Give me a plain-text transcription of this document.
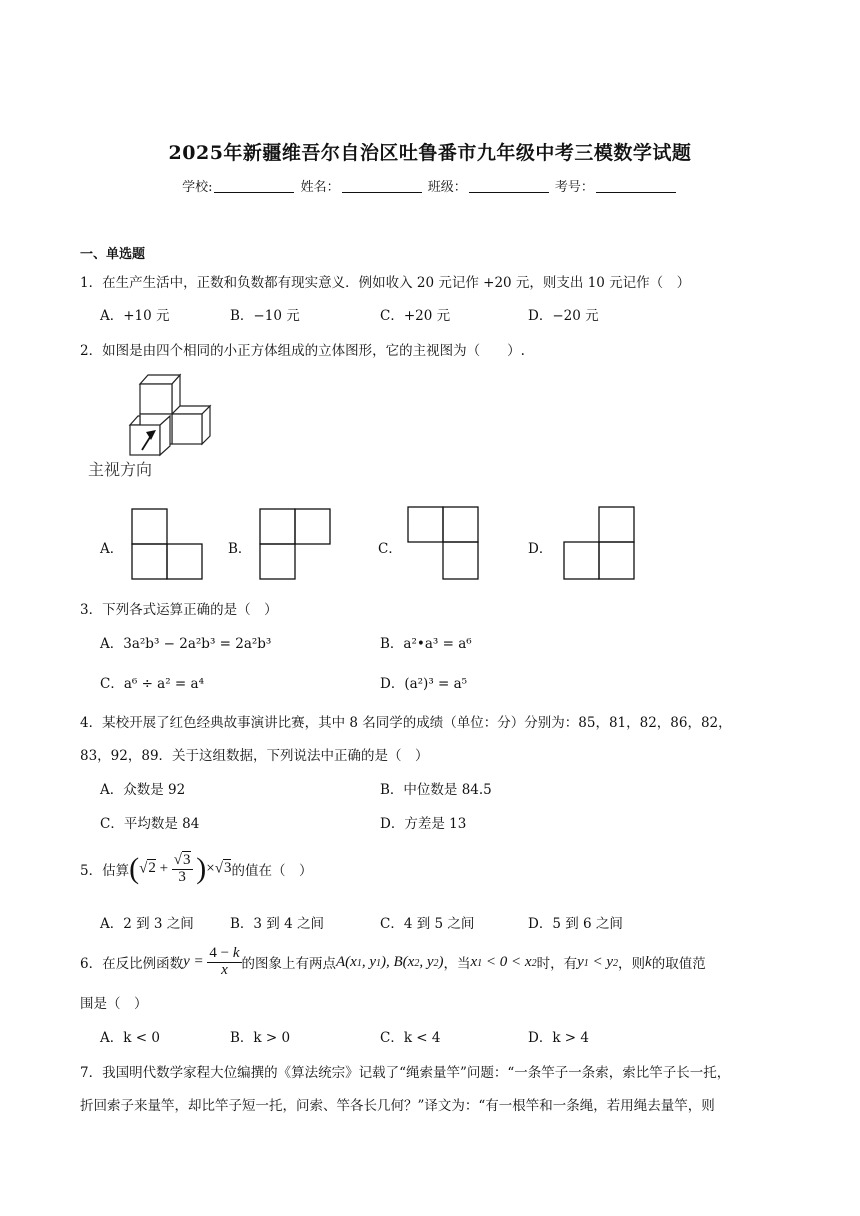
2025年新疆维吾尔自治区吐鲁番市九年级中考三模数学试题
学校:	姓名：	班级：	考号：
一、单选题
1．在生产生活中，正数和负数都有现实意义．例如收入 20 元记作 +20 元，则支出 10 元记作（　）
A．+10 元	B．−10 元	C．+20 元	D．−20 元
2．如图是由四个相同的小正方体组成的立体图形，它的主视图为（　　）.
主视方向
A．	B．	C．	D．
3．下列各式运算正确的是（　）
A．3a²b³ − 2a²b³ = 2a²b³	B．a²•a³ = a⁶
C．a⁶ ÷ a² = a⁴	D．(a²)³ = a⁵
4．某校开展了红色经典故事演讲比赛，其中 8 名同学的成绩（单位：分）分别为：85，81，82，86，82，
83，92，89．关于这组数据，下列说法中正确的是（　）
A．众数是 92	B．中位数是 84.5
C．平均数是 84	D．方差是 13
5．估算 $(√2 + \frac{√3}{3} )\times√3$ 的值在（　）
A．2 到 3 之间	B．3 到 4 之间	C．4 到 5 之间	D．5 到 6 之间
6．在反比例函数 $y = \frac{4 - k}{x}$ 的图象上有两点 A(x1, y1), B(x2, y2) ，当 x1 < 0 < x2 时，有 y1 < y2 ，则 k 的取值范
围是（　）
A．k < 0	B．k > 0	C．k < 4	D．k > 4
7．我国明代数学家程大位编撰的《算法统宗》记载了“绳索量竿”问题：“一条竿子一条索，索比竿子长一托，
折回索子来量竿，却比竿子短一托，问索、竿各长几何？”译文为：“有一根竿和一条绳，若用绳去量竿，则
